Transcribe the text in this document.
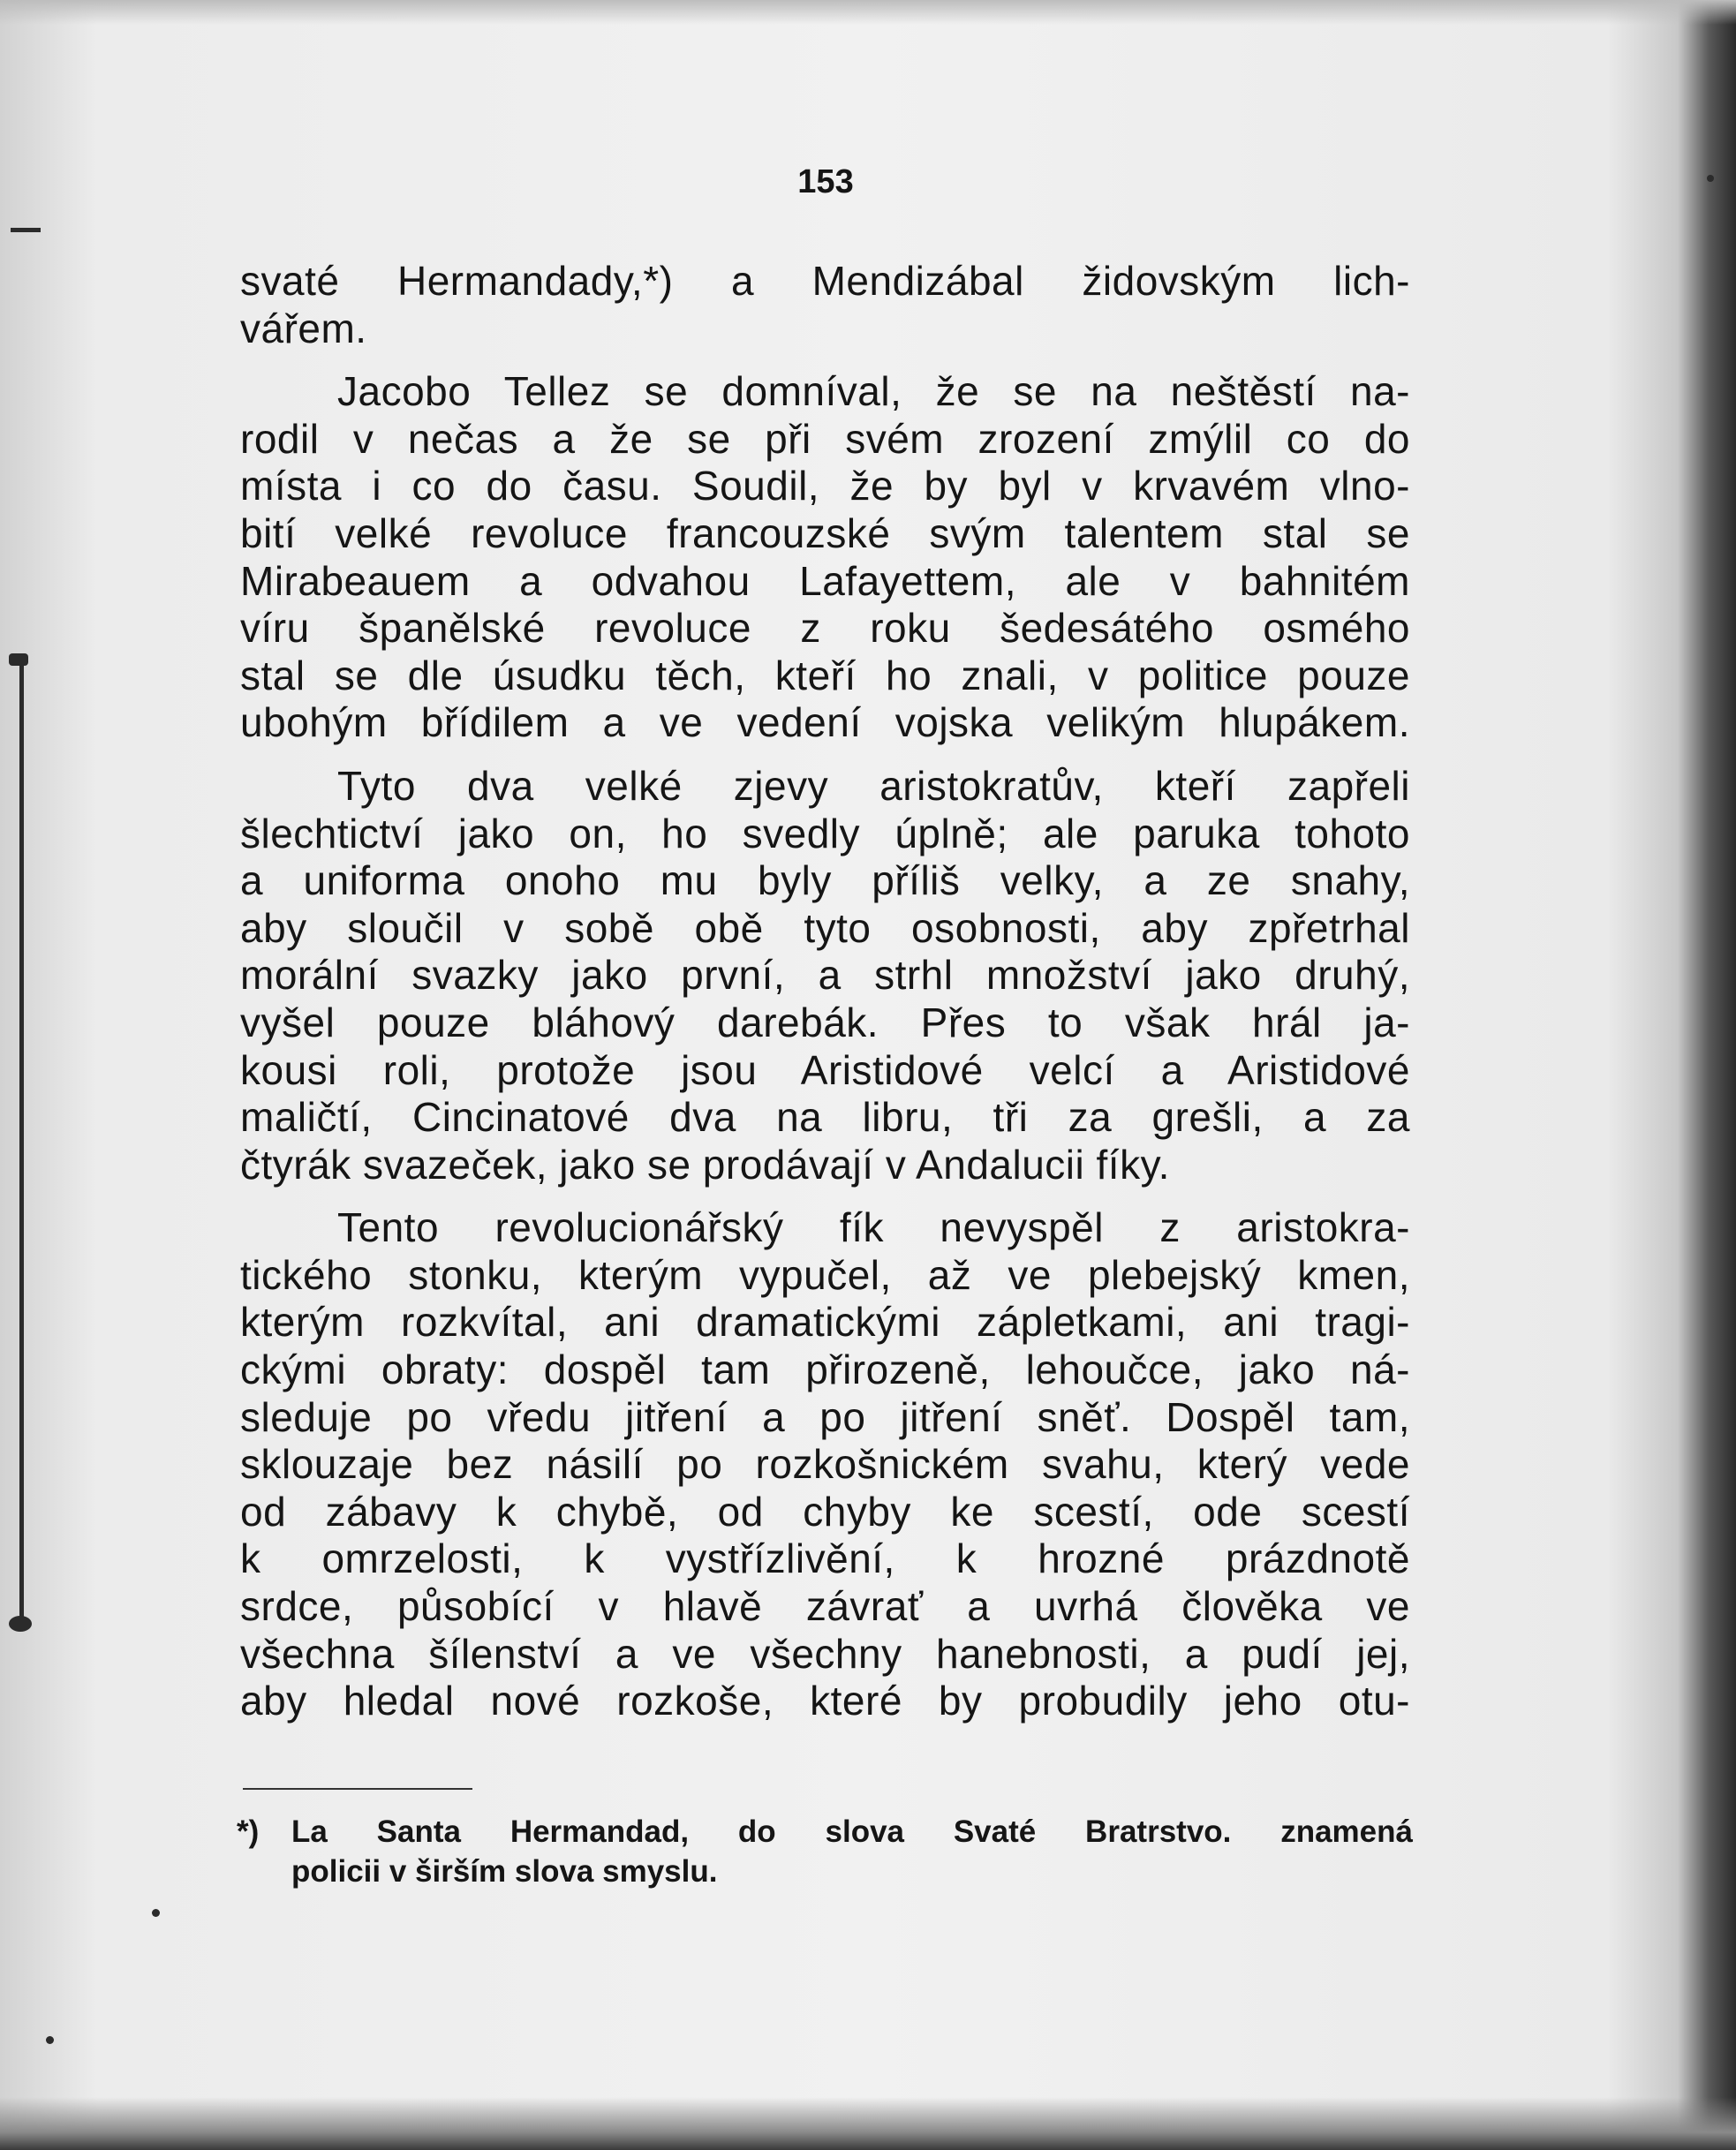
153
svaté Hermandady,*) a Mendizábal židovským lich-
vářem.
Jacobo Tellez se domníval, že se na neštěstí na-
rodil v nečas a že se při svém zrození zmýlil co do
místa i co do času. Soudil, že by byl v krvavém vlno-
bití velké revoluce francouzské svým talentem stal se
Mirabeauem a odvahou Lafayettem, ale v bahnitém
víru španělské revoluce z roku šedesátého osmého
stal se dle úsudku těch, kteří ho znali, v politice pouze
ubohým břídilem a ve vedení vojska velikým hlupákem.
Tyto dva velké zjevy aristokratův, kteří zapřeli
šlechtictví jako on, ho svedly úplně; ale paruka tohoto
a uniforma onoho mu byly příliš velky, a ze snahy,
aby sloučil v sobě obě tyto osobnosti, aby zpřetrhal
morální svazky jako první, a strhl množství jako druhý,
vyšel pouze bláhový darebák. Přes to však hrál ja-
kousi roli, protože jsou Aristidové velcí a Aristidové
maličtí, Cincinatové dva na libru, tři za grešli, a za
čtyrák svazeček, jako se prodávají v Andalucii fíky.
Tento revolucionářský fík nevyspěl z aristokra-
tického stonku, kterým vypučel, až ve plebejský kmen,
kterým rozkvítal, ani dramatickými zápletkami, ani tragi-
ckými obraty: dospěl tam přirozeně, lehoučce, jako ná-
sleduje po vředu jitření a po jitření sněť. Dospěl tam,
sklouzaje bez násilí po rozkošnickém svahu, který vede
od zábavy k chybě, od chyby ke scestí, ode scestí
k omrzelosti, k vystřízlivění, k hrozné prázdnotě
srdce, působící v hlavě závrať a uvrhá člověka ve
všechna šílenství a ve všechny hanebnosti, a pudí jej,
aby hledal nové rozkoše, které by probudily jeho otu-
*) La Santa Hermandad, do slova Svaté Bratrstvo. znamená
policii v širším slova smyslu.
